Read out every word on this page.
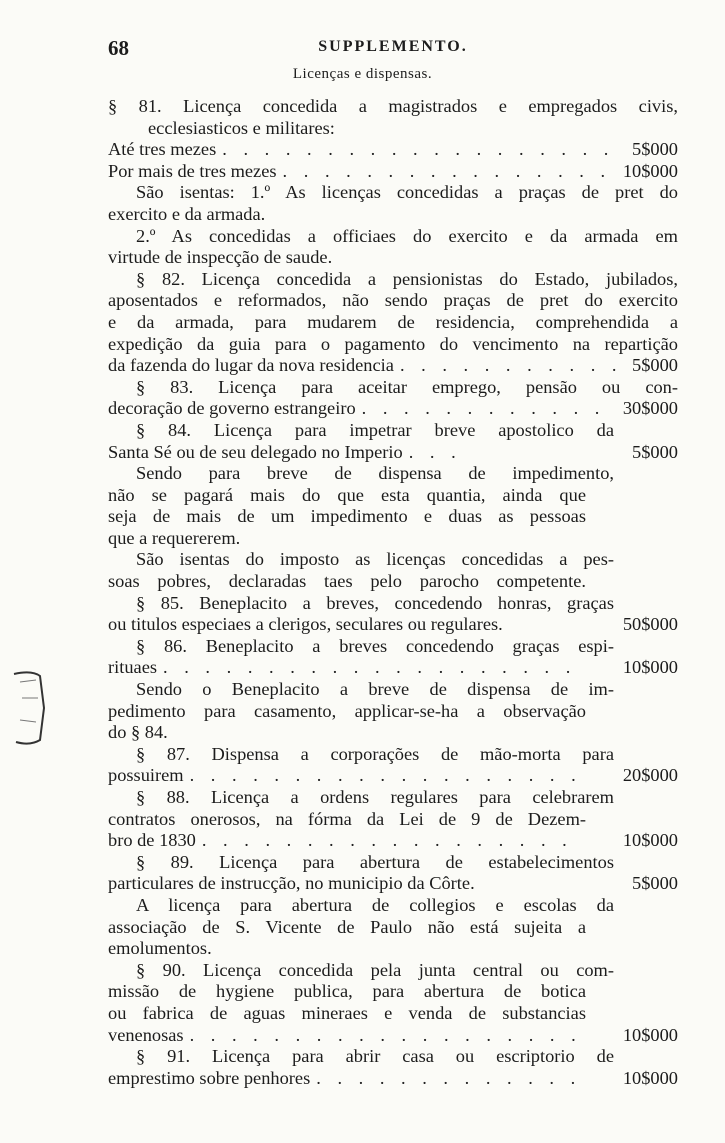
68	SUPPLEMENTO.
Licenças e dispensas.
§ 81. Licença concedida a magistrados e empregados civis,
ecclesiasticos e militares:
Até tres mezes . . .	5$000
Por mais de tres mezes . . .	10$000
São isentas: 1.º As licenças concedidas a praças de pret do
exercito e da armada.
2.º As concedidas a officiaes do exercito e da armada em
virtude de inspecção de saude.
§ 82. Licença concedida a pensionistas do Estado, jubilados,
aposentados e reformados, não sendo praças de pret do exercito
e da armada, para mudarem de residencia, comprehendida a
expedição da guia para o pagamento do vencimento na repartição
da fazenda do lugar da nova residencia . . .	5$000
§ 83. Licença para aceitar emprego, pensão ou con-
decoração de governo estrangeiro . . .	30$000
§ 84. Licença para impetrar breve apostolico da
Santa Sé ou de seu delegado no Imperio . . .	5$000
Sendo para breve de dispensa de impedimento,
não se pagará mais do que esta quantia, ainda que
seja de mais de um impedimento e duas as pessoas
que a requererem.
São isentas do imposto as licenças concedidas a pes-
soas pobres, declaradas taes pelo parocho competente.
§ 85. Beneplacito a breves, concedendo honras, graças
ou titulos especiaes a clerigos, seculares ou regulares.	50$000
§ 86. Beneplacito a breves concedendo graças espi-
rituaes . . .	10$000
Sendo o Beneplacito a breve de dispensa de im-
pedimento para casamento, applicar-se-ha a observação
do § 84.
§ 87. Dispensa a corporações de mão-morta para
possuirem . . .	20$000
§ 88. Licença a ordens regulares para celebrarem
contratos onerosos, na fórma da Lei de 9 de Dezem-
bro de 1830 . . .	10$000
§ 89. Licença para abertura de estabelecimentos
particulares de instrucção, no municipio da Côrte.	5$000
A licença para abertura de collegios e escolas da
associação de S. Vicente de Paulo não está sujeita a
emolumentos.
§ 90. Licença concedida pela junta central ou com-
missão de hygiene publica, para abertura de botica
ou fabrica de aguas mineraes e venda de substancias
venenosas . . .	10$000
§ 91. Licença para abrir casa ou escriptorio de
emprestimo sobre penhores . . .	10$000
